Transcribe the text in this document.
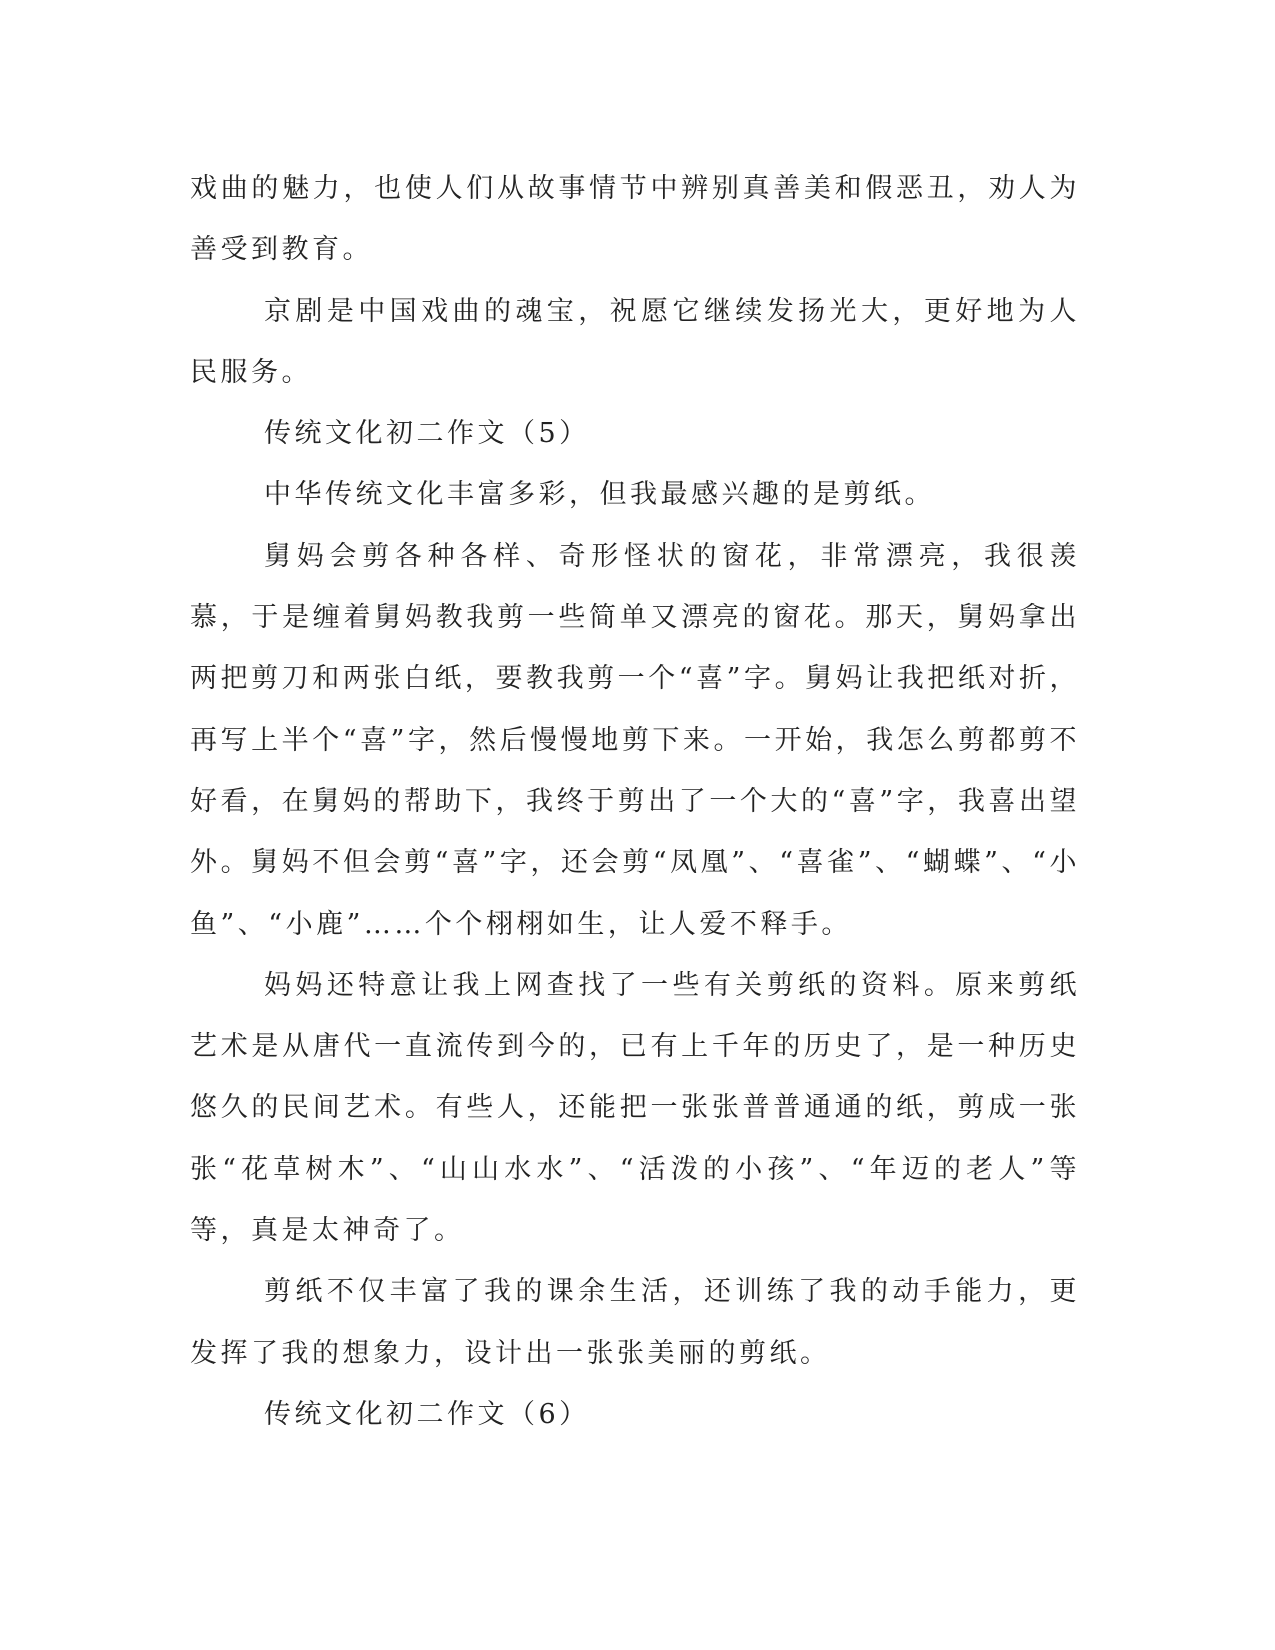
戏曲的魅力，也使人们从故事情节中辨别真善美和假恶丑，劝人为善受到教育。

京剧是中国戏曲的魂宝，祝愿它继续发扬光大，更好地为人民服务。

传统文化初二作文（5）

中华传统文化丰富多彩，但我最感兴趣的是剪纸。

舅妈会剪各种各样、奇形怪状的窗花，非常漂亮，我很羡慕，于是缠着舅妈教我剪一些简单又漂亮的窗花。那天，舅妈拿出两把剪刀和两张白纸，要教我剪一个“喜”字。舅妈让我把纸对折，再写上半个“喜”字，然后慢慢地剪下来。一开始，我怎么剪都剪不好看，在舅妈的帮助下，我终于剪出了一个大的“喜”字，我喜出望外。舅妈不但会剪“喜”字，还会剪“凤凰”、“喜雀”、“蝴蝶”、“小鱼”、“小鹿”……个个栩栩如生，让人爱不释手。

妈妈还特意让我上网查找了一些有关剪纸的资料。原来剪纸艺术是从唐代一直流传到今的，已有上千年的历史了，是一种历史悠久的民间艺术。有些人，还能把一张张普普通通的纸，剪成一张张“花草树木”、“山山水水”、“活泼的小孩”、“年迈的老人”等等，真是太神奇了。

剪纸不仅丰富了我的课余生活，还训练了我的动手能力，更发挥了我的想象力，设计出一张张美丽的剪纸。

传统文化初二作文（6）
